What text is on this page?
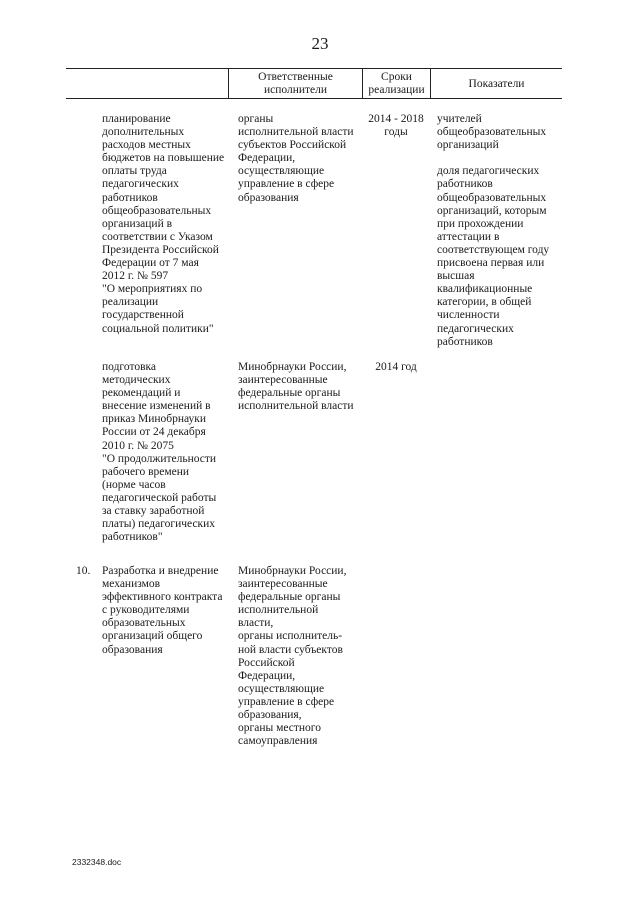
23
Ответственные
исполнители
Сроки
реализации	Показатели
планирование
дополнительных
расходов местных
бюджетов на повышение
оплаты труда
педагогических
работников
общеобразовательных
организаций в
соответствии с Указом
Президента Российской
Федерации от 7 мая
2012 г. № 597
"О мероприятиях по
реализации
государственной
социальной политики"
органы
исполнительной власти
субъектов Российской
Федерации,
осуществляющие
управление в сфере
образования
2014 - 2018
годы
учителей
общеобразовательных
организаций

доля педагогических
работников
общеобразовательных
организаций, которым
при прохождении
аттестации в
соответствующем году
присвоена первая или
высшая
квалификационные
категории, в общей
численности
педагогических
работников
подготовка
методических
рекомендаций и
внесение изменений в
приказ Минобрнауки
России от 24 декабря
2010 г. № 2075
"О продолжительности
рабочего времени
(норме часов
педагогической работы
за ставку заработной
платы) педагогических
работников"
Минобрнауки России,
заинтересованные
федеральные органы
исполнительной власти
2014 год
10.	Разработка и внедрение
механизмов
эффективного контракта
с руководителями
образовательных
организаций общего
образования
Минобрнауки России,
заинтересованные
федеральные органы
исполнительной
власти,
органы исполнитель-
ной власти субъектов
Российской
Федерации,
осуществляющие
управление в сфере
образования,
органы местного
самоуправления
2332348.doc
